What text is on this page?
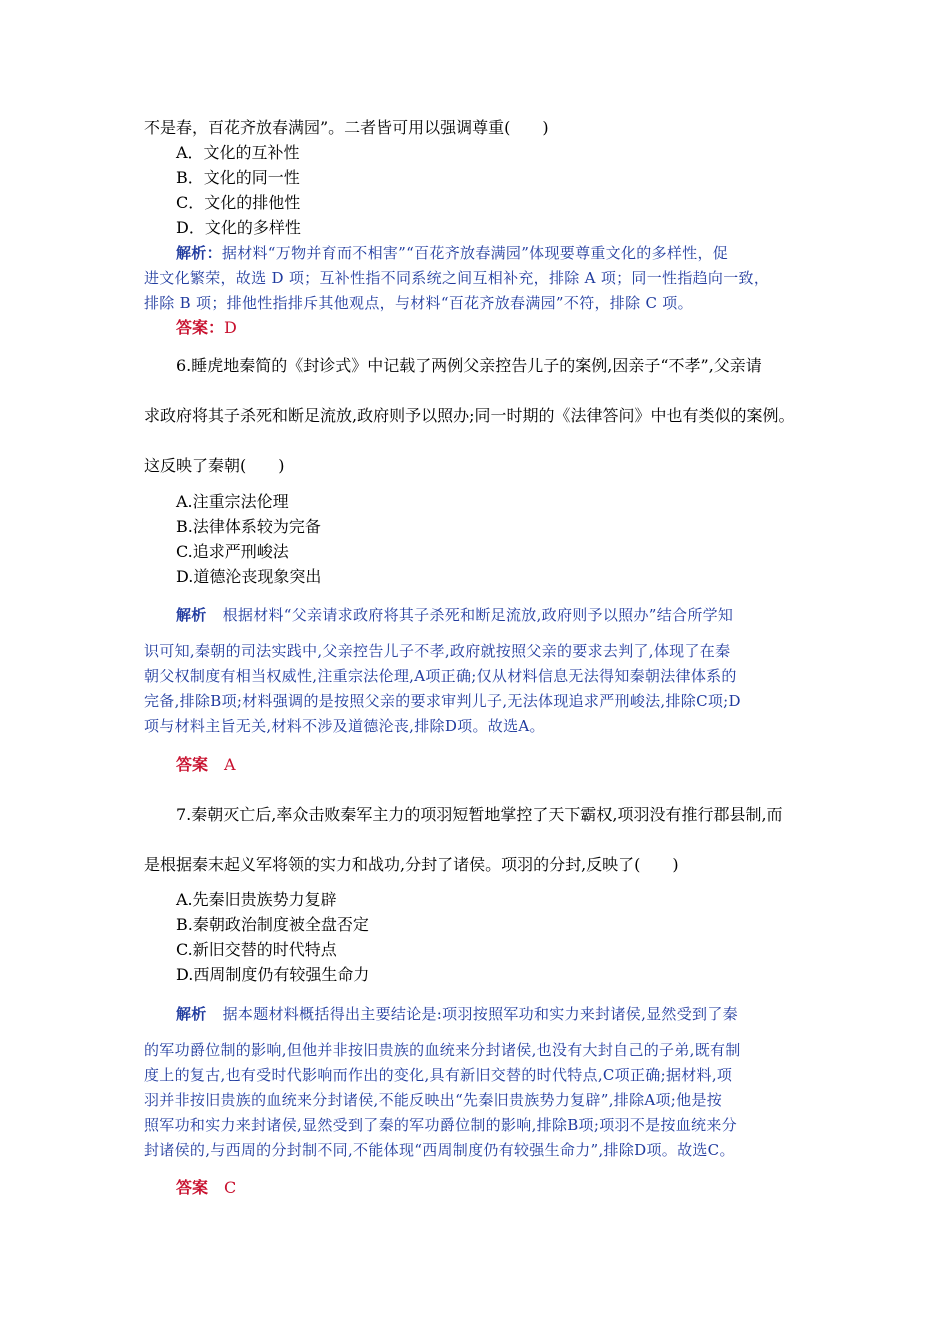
不是春，百花齐放春满园”。二者皆可用以强调尊重(　　)
A．文化的互补性
B．文化的同一性
C．文化的排他性
D．文化的多样性
解析：据材料“万物并育而不相害”“百花齐放春满园”体现要尊重文化的多样性，促
进文化繁荣，故选 D 项；互补性指不同系统之间互相补充，排除 A 项；同一性指趋向一致，
排除 B 项；排他性指排斥其他观点，与材料“百花齐放春满园”不符，排除 C 项。
答案：D
6.睡虎地秦简的《封诊式》中记载了两例父亲控告儿子的案例,因亲子“不孝”,父亲请
求政府将其子杀死和断足流放,政府则予以照办;同一时期的《法律答问》中也有类似的案例。
这反映了秦朝(　　)
A.注重宗法伦理
B.法律体系较为完备
C.追求严刑峻法
D.道德沦丧现象突出
解析 根据材料“父亲请求政府将其子杀死和断足流放,政府则予以照办”结合所学知
识可知,秦朝的司法实践中,父亲控告儿子不孝,政府就按照父亲的要求去判了,体现了在秦
朝父权制度有相当权威性,注重宗法伦理,A项正确;仅从材料信息无法得知秦朝法律体系的
完备,排除B项;材料强调的是按照父亲的要求审判儿子,无法体现追求严刑峻法,排除C项;D
项与材料主旨无关,材料不涉及道德沦丧,排除D项。故选A。
答案 A
7.秦朝灭亡后,率众击败秦军主力的项羽短暂地掌控了天下霸权,项羽没有推行郡县制,而
是根据秦末起义军将领的实力和战功,分封了诸侯。项羽的分封,反映了(　　)
A.先秦旧贵族势力复辟
B.秦朝政治制度被全盘否定
C.新旧交替的时代特点
D.西周制度仍有较强生命力
解析 据本题材料概括得出主要结论是:项羽按照军功和实力来封诸侯,显然受到了秦
的军功爵位制的影响,但他并非按旧贵族的血统来分封诸侯,也没有大封自己的子弟,既有制
度上的复古,也有受时代影响而作出的变化,具有新旧交替的时代特点,C项正确;据材料,项
羽并非按旧贵族的血统来分封诸侯,不能反映出“先秦旧贵族势力复辟”,排除A项;他是按
照军功和实力来封诸侯,显然受到了秦的军功爵位制的影响,排除B项;项羽不是按血统来分
封诸侯的,与西周的分封制不同,不能体现“西周制度仍有较强生命力”,排除D项。故选C。
答案 C
